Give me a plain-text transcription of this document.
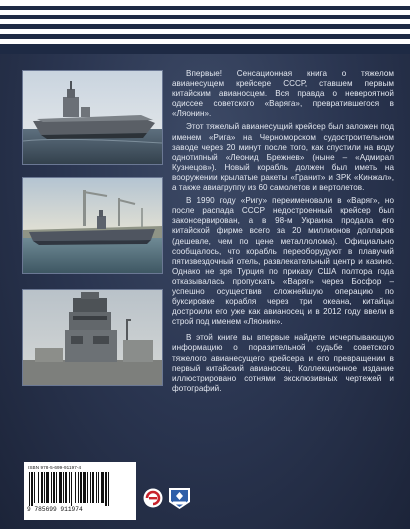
Впервые! Сенсационная книга о тяжелом авианесущем крейсере СССР, ставшем первым китайским авианосцем. Вся правда о невероятной одиссее советского «Варяга», превратившегося в «Ляонин».

Этот тяжелый авианесущий крейсер был заложен под именем «Рига» на Черноморском судостроительном заводе через 20 минут после того, как спустили на воду однотипный «Леонид Брежнев» (ныне – «Адмирал Кузнецов»). Новый корабль должен был иметь на вооружении крылатые ракеты «Гранит» и ЗРК «Кинжал», а также авиагруппу из 60 самолетов и вертолетов.

В 1990 году «Ригу» переименовали в «Варяг», но после распада СССР недостроенный крейсер был законсервирован, а в 98-м Украина продала его китайской фирме всего за 20 миллионов долларов (дешевле, чем по цене металлолома). Официально сообщалось, что корабль переоборудуют в плавучий пятизвездочный отель, развлекательный центр и казино. Однако не зря Турция по приказу США полтора года отказывалась пропускать «Варяг» через Босфор – успешно осуществив сложнейшую операцию по буксировке корабля через три океана, китайцы достроили его уже как авианосец и в 2012 году ввели в строй под именем «Ляонин».

В этой книге вы впервые найдете исчерпывающую информацию о поразительной судьбе советского тяжелого авианесущего крейсера и его превращении в первый китайский авианосец. Коллекционное издание иллюстрировано сотнями эксклюзивных чертежей и фотографий.

ISBN 978-5-699-91197-4
9 785699 911974
